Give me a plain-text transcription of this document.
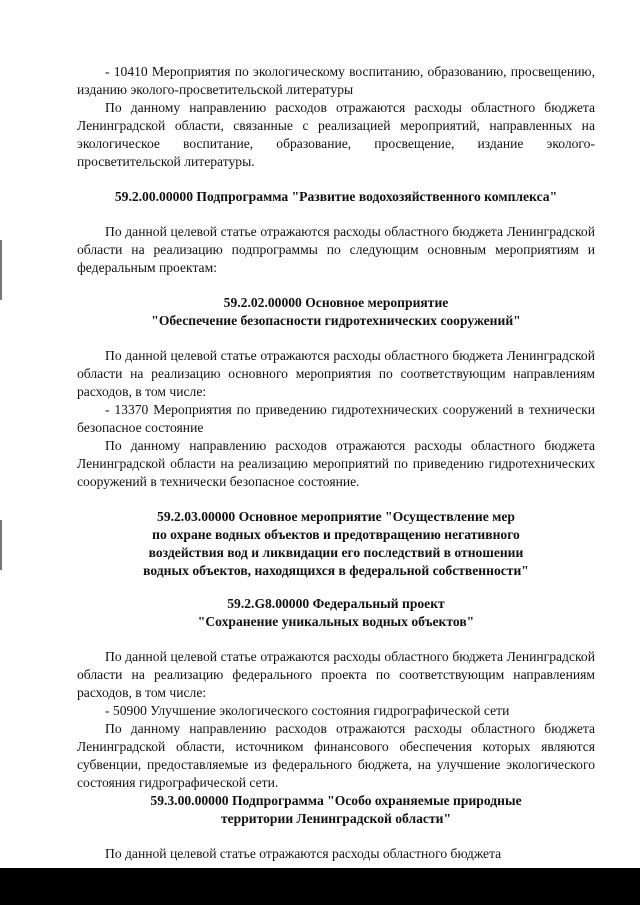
- 10410 Мероприятия по экологическому воспитанию, образованию, просвещению, изданию эколого-просветительской литературы

По данному направлению расходов отражаются расходы областного бюджета Ленинградской области, связанные с реализацией мероприятий, направленных на экологическое воспитание, образование, просвещение, издание эколого-просветительской литературы.

59.2.00.00000 Подпрограмма "Развитие водохозяйственного комплекса"

По данной целевой статье отражаются расходы областного бюджета Ленинградской области на реализацию подпрограммы по следующим основным мероприятиям и федеральным проектам:

59.2.02.00000 Основное мероприятие
"Обеспечение безопасности гидротехнических сооружений"

По данной целевой статье отражаются расходы областного бюджета Ленинградской области на реализацию основного мероприятия по соответствующим направлениям расходов, в том числе:

- 13370 Мероприятия по приведению гидротехнических сооружений в технически безопасное состояние

По данному направлению расходов отражаются расходы областного бюджета Ленинградской области на реализацию мероприятий по приведению гидротехнических сооружений в технически безопасное состояние.

59.2.03.00000 Основное мероприятие "Осуществление мер
по охране водных объектов и предотвращению негативного
воздействия вод и ликвидации его последствий в отношении
водных объектов, находящихся в федеральной собственности"

59.2.G8.00000 Федеральный проект
"Сохранение уникальных водных объектов"

По данной целевой статье отражаются расходы областного бюджета Ленинградской области на реализацию федерального проекта по соответствующим направлениям расходов, в том числе:

- 50900 Улучшение экологического состояния гидрографической сети

По данному направлению расходов отражаются расходы областного бюджета Ленинградской области, источником финансового обеспечения которых являются субвенции, предоставляемые из федерального бюджета, на улучшение экологического состояния гидрографической сети.

59.3.00.00000 Подпрограмма "Особо охраняемые природные
территории Ленинградской области"

По данной целевой статье отражаются расходы областного бюджета
